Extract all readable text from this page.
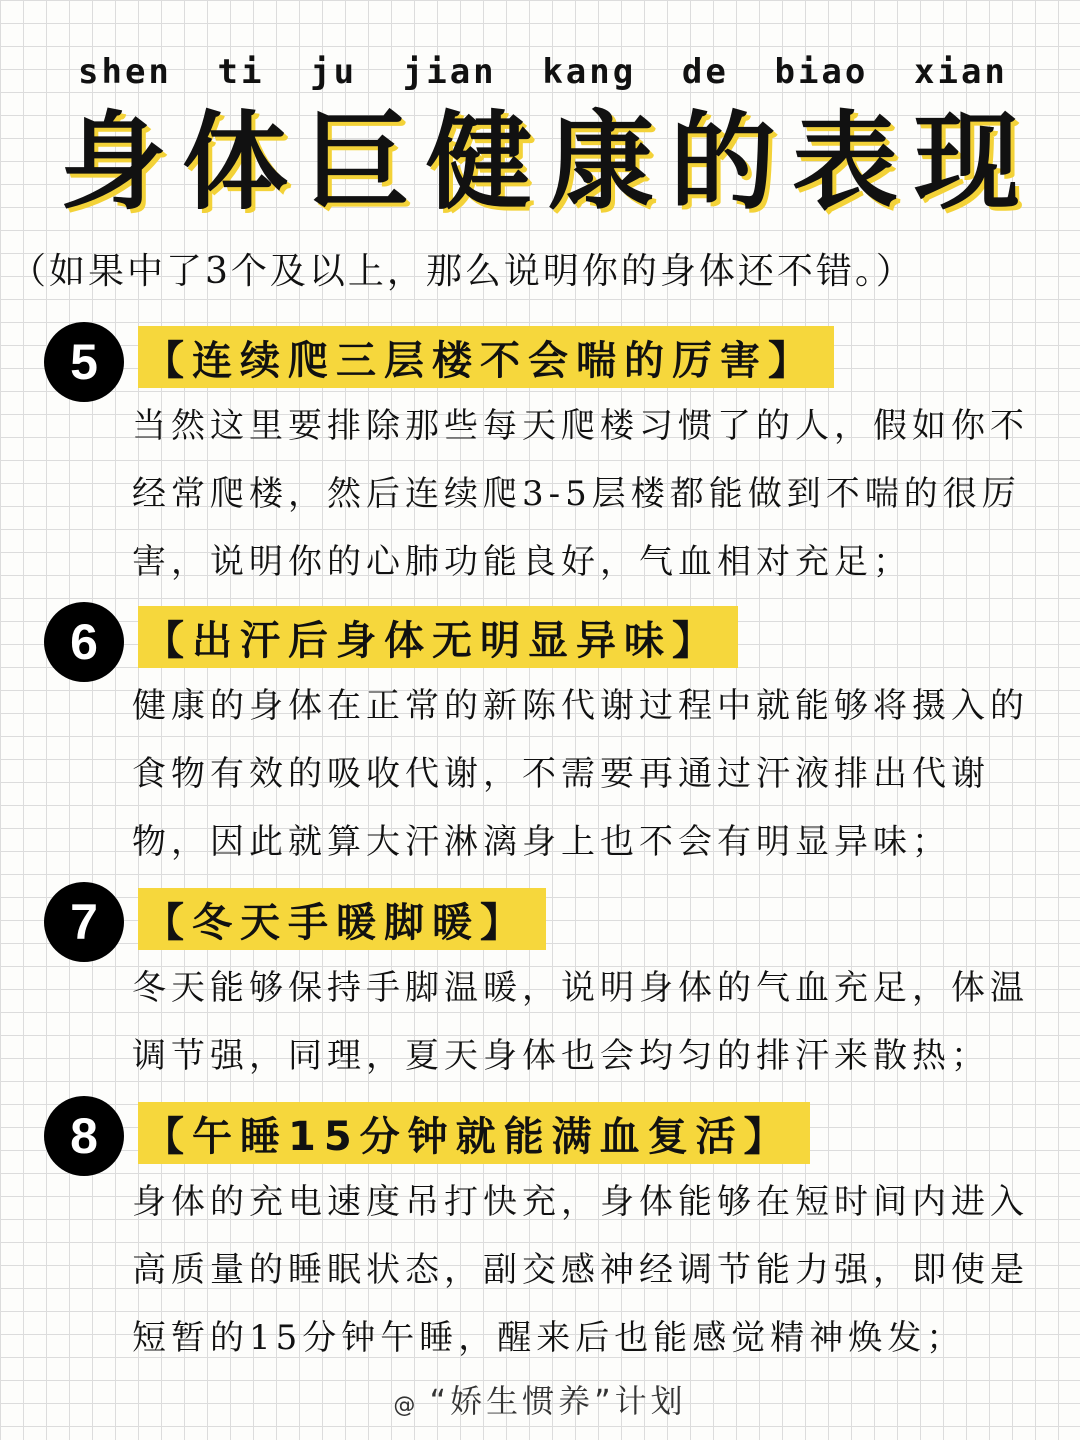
shen ti ju jian kang de biao xian
身 体 巨 健 康 的 表 现
（如果中了3个及以上，那么说明你的身体还不错。）
5	【连续爬三层楼不会喘的厉害】
当然这里要排除那些每天爬楼习惯了的人，假如你不经常爬楼，然后连续爬3-5层楼都能做到不喘的很厉害，说明你的心肺功能良好，气血相对充足；
6	【出汗后身体无明显异味】
健康的身体在正常的新陈代谢过程中就能够将摄入的食物有效的吸收代谢，不需要再通过汗液排出代谢物，因此就算大汗淋漓身上也不会有明显异味；
7	【冬天手暖脚暖】
冬天能够保持手脚温暖，说明身体的气血充足，体温调节强，同理，夏天身体也会均匀的排汗来散热；
8	【午睡15分钟就能满血复活】
身体的充电速度吊打快充，身体能够在短时间内进入高质量的睡眠状态，副交感神经调节能力强，即使是短暂的15分钟午睡，醒来后也能感觉精神焕发；
@ “娇生惯养”计划
